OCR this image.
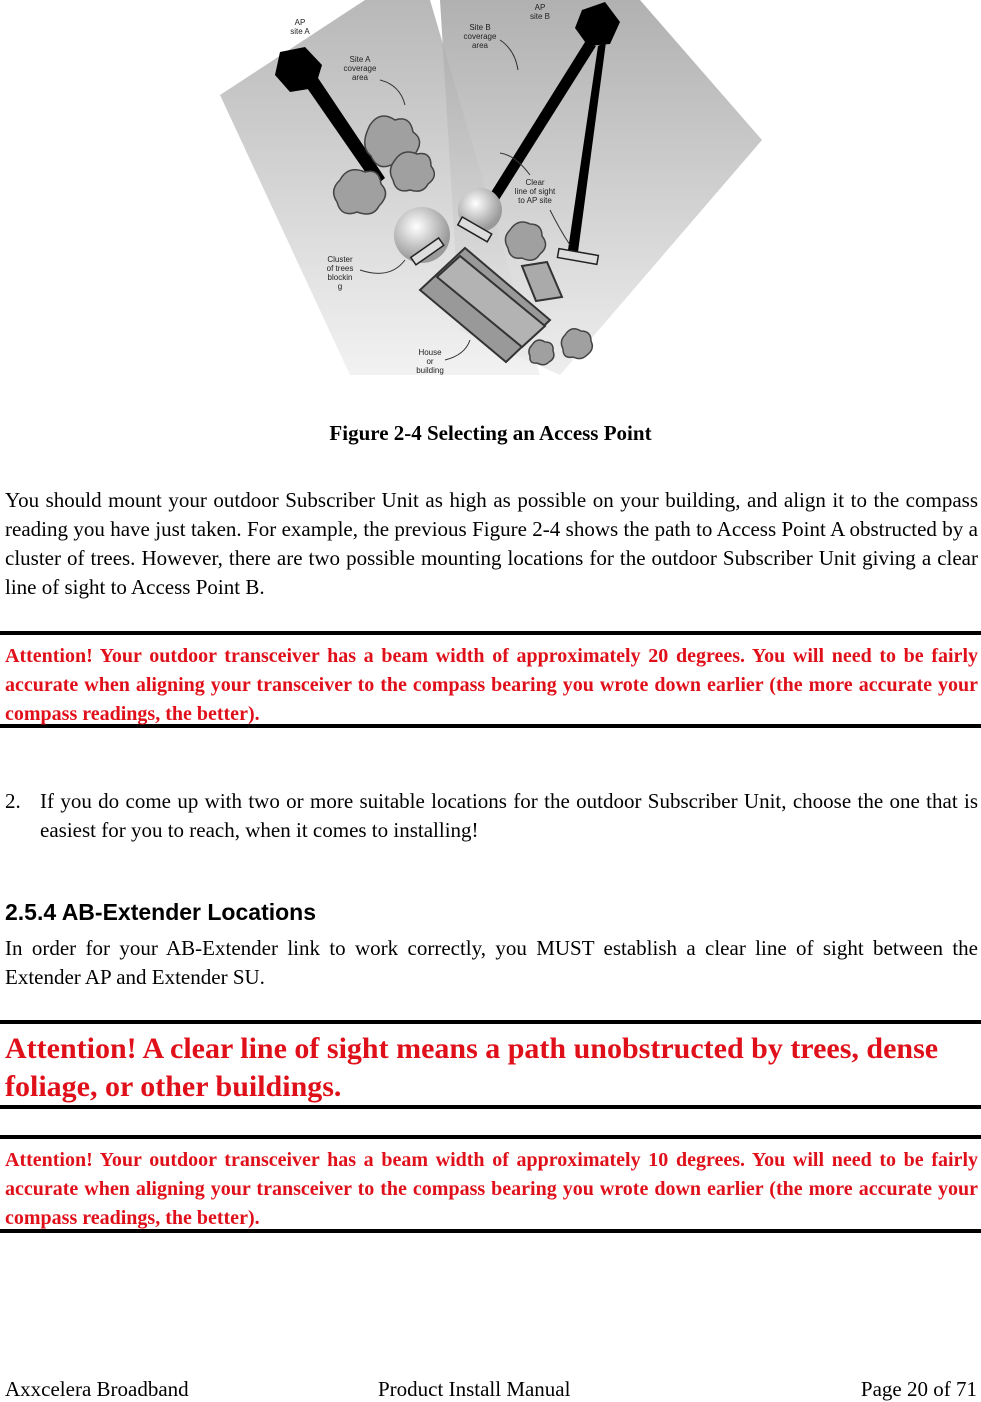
AP site A
AP site B
Site A coverage area
Site B coverage area
Clear line of sight to AP site
Cluster of trees blockin g
House or building
Figure 2-4 Selecting an Access Point
You should mount your outdoor Subscriber Unit as high as possible on your building, and align it to the compass reading you have just taken. For example, the previous Figure 2-4 shows the path to Access Point A obstructed by a cluster of trees. However, there are two possible mounting locations for the outdoor Subscriber Unit giving a clear line of sight to Access Point B.
Attention! Your outdoor transceiver has a beam width of approximately 20 degrees. You will need to be fairly accurate when aligning your transceiver to the compass bearing you wrote down earlier (the more accurate your compass readings, the better).
2. If you do come up with two or more suitable locations for the outdoor Subscriber Unit, choose the one that is easiest for you to reach, when it comes to installing!
2.5.4 AB-Extender Locations
In order for your AB-Extender link to work correctly, you MUST establish a clear line of sight between the Extender AP and Extender SU.
Attention! A clear line of sight means a path unobstructed by trees, dense foliage, or other buildings.
Attention! Your outdoor transceiver has a beam width of approximately 10 degrees. You will need to be fairly accurate when aligning your transceiver to the compass bearing you wrote down earlier (the more accurate your compass readings, the better).
Axxcelera Broadband	Product Install Manual	Page 20 of 71
